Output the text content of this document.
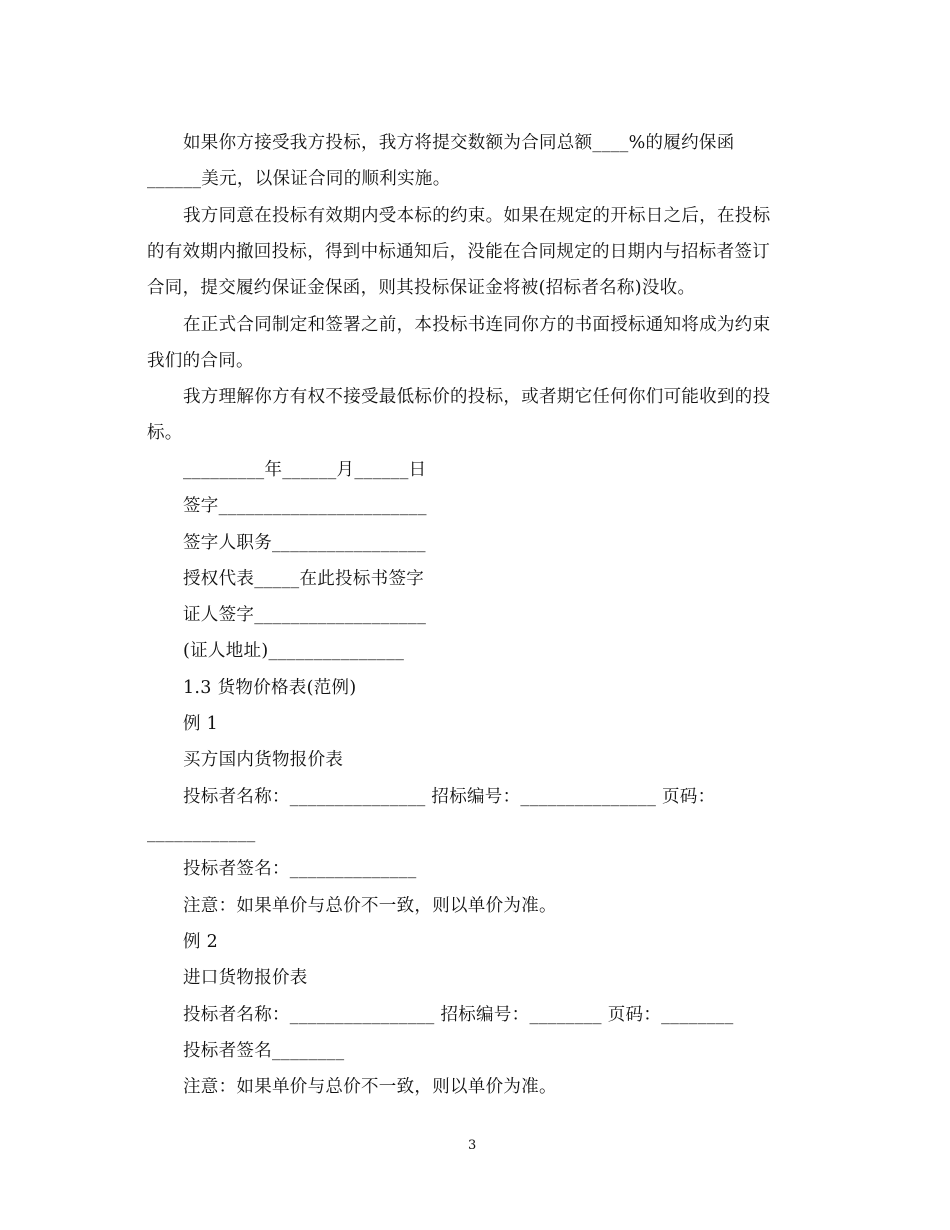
如果你方接受我方投标，我方将提交数额为合同总额____%的履约保函
______美元，以保证合同的顺利实施。
我方同意在投标有效期内受本标的约束。如果在规定的开标日之后，在投标
的有效期内撤回投标，得到中标通知后，没能在合同规定的日期内与招标者签订
合同，提交履约保证金保函，则其投标保证金将被(招标者名称)没收。
在正式合同制定和签署之前，本投标书连同你方的书面授标通知将成为约束
我们的合同。
我方理解你方有权不接受最低标价的投标，或者期它任何你们可能收到的投
标。
_________年______月______日
签字_______________________
签字人职务_________________
授权代表_____在此投标书签字
证人签字___________________
(证人地址)_______________
1.3 货物价格表(范例)
例 1
买方国内货物报价表
投标者名称：_______________ 招标编号：_______________ 页码：
____________
投标者签名：______________
注意：如果单价与总价不一致，则以单价为准。
例 2
进口货物报价表
投标者名称：________________ 招标编号：________ 页码：________
投标者签名________
注意：如果单价与总价不一致，则以单价为准。
3
